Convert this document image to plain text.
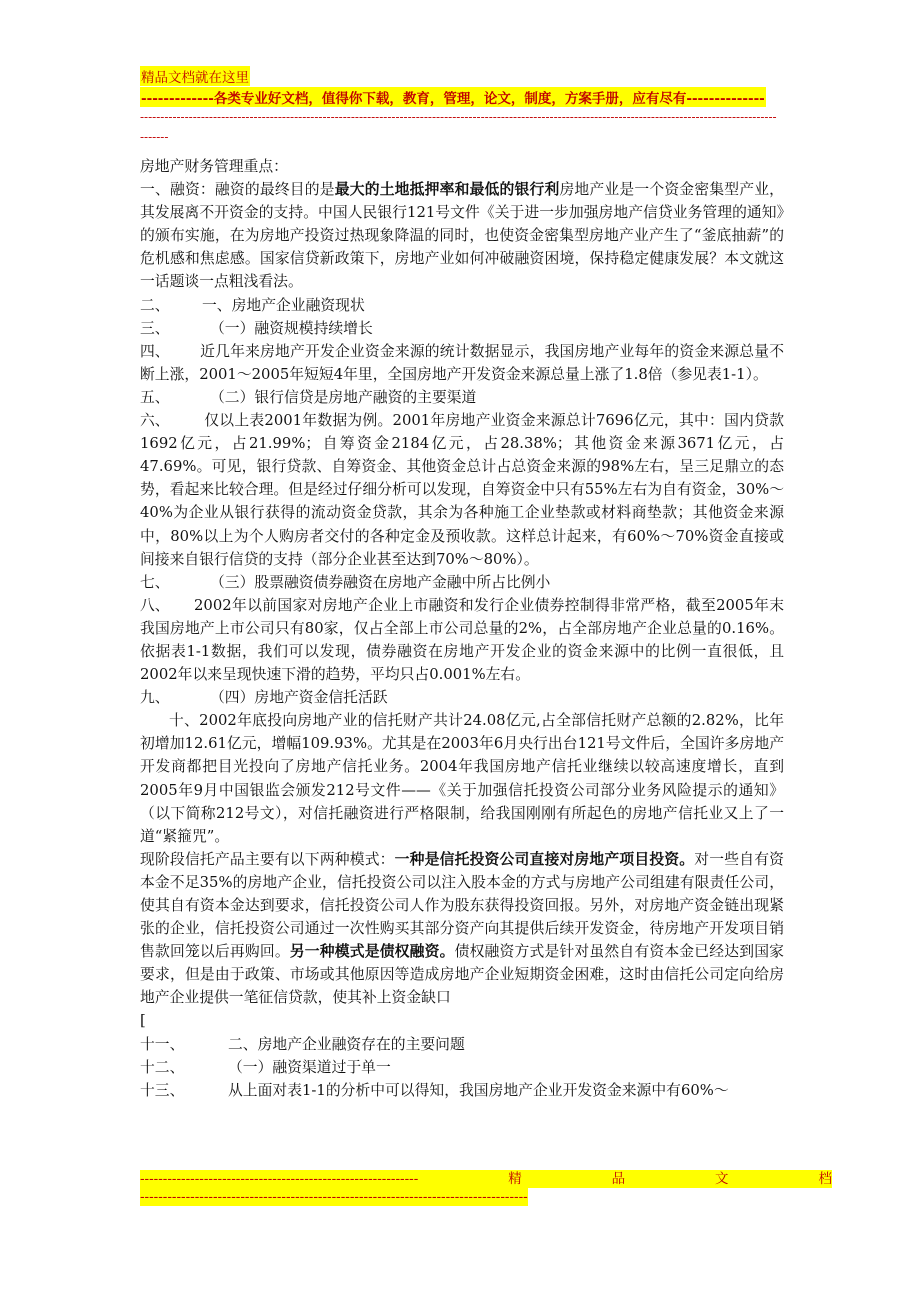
精品文档就在这里
-------------各类专业好文档，值得你下载，教育，管理，论文，制度，方案手册，应有尽有--------------
--------------------------------------------------------------------------------------------------------------------------------------------------------------------

房地产财务管理重点：

一、融资：融资的最终目的是最大的土地抵押率和最低的银行利房地产业是一个资金密集型产业，其发展离不开资金的支持。中国人民银行121号文件《关于进一步加强房地产信贷业务管理的通知》的颁布实施，在为房地产投资过热现象降温的同时，也使资金密集型房地产业产生了“釜底抽薪”的危机感和焦虑感。国家信贷新政策下，房地产业如何冲破融资困境，保持稳定健康发展？本文就这一话题谈一点粗浅看法。

二、 一、房地产企业融资现状

三、	（一）融资规模持续增长

四、 近几年来房地产开发企业资金来源的统计数据显示，我国房地产业每年的资金来源总量不断上涨，2001～2005年短短4年里，全国房地产开发资金来源总量上涨了1.8倍（参见表1-1）。

五、	（二）银行信贷是房地产融资的主要渠道

六、 仅以上表2001年数据为例。2001年房地产业资金来源总计7696亿元，其中：国内贷款1692亿元，占21.99%；自筹资金2184亿元，占28.38%；其他资金来源3671亿元，占47.69%。可见，银行贷款、自筹资金、其他资金总计占总资金来源的98%左右，呈三足鼎立的态势，看起来比较合理。但是经过仔细分析可以发现，自筹资金中只有55%左右为自有资金，30%～40%为企业从银行获得的流动资金贷款，其余为各种施工企业垫款或材料商垫款；其他资金来源中，80%以上为个人购房者交付的各种定金及预收款。这样总计起来，有60%～70%资金直接或间接来自银行信贷的支持（部分企业甚至达到70%～80%）。

七、	（三）股票融资债券融资在房地产金融中所占比例小

八、 2002年以前国家对房地产企业上市融资和发行企业债券控制得非常严格，截至2005年末我国房地产上市公司只有80家，仅占全部上市公司总量的2%，占全部房地产企业总量的0.16%。依据表1-1数据，我们可以发现，债券融资在房地产开发企业的资金来源中的比例一直很低，且2002年以来呈现快速下滑的趋势，平均只占0.001%左右。

九、	（四）房地产资金信托活跃

十、2002年底投向房地产业的信托财产共计24.08亿元,占全部信托财产总额的2.82%，比年初增加12.61亿元，增幅109.93%。尤其是在2003年6月央行出台121号文件后，全国许多房地产开发商都把目光投向了房地产信托业务。2004年我国房地产信托业继续以较高速度增长，直到2005年9月中国银监会颁发212号文件——《关于加强信托投资公司部分业务风险提示的通知》（以下简称212号文），对信托融资进行严格限制，给我国刚刚有所起色的房地产信托业又上了一道“紧箍咒”。

现阶段信托产品主要有以下两种模式：一种是信托投资公司直接对房地产项目投资。对一些自有资本金不足35%的房地产企业，信托投资公司以注入股本金的方式与房地产公司组建有限责任公司，使其自有资本金达到要求，信托投资公司人作为股东获得投资回报。另外，对房地产资金链出现紧张的企业，信托投资公司通过一次性购买其部分资产向其提供后续开发资金，待房地产开发项目销售款回笼以后再购回。另一种模式是债权融资。债权融资方式是针对虽然自有资本金已经达到国家要求，但是由于政策、市场或其他原因等造成房地产企业短期资金困难，这时由信托公司定向给房地产企业提供一笔征信贷款，使其补上资金缺口

[

十一、	二、房地产企业融资存在的主要问题

十二、	（一）融资渠道过于单一

十三、	从上面对表1-1的分析中可以得知，我国房地产企业开发资金来源中有60%～

-------------------------------------------------------------	精	品	文	档
-------------------------------------------------------------------------------------
